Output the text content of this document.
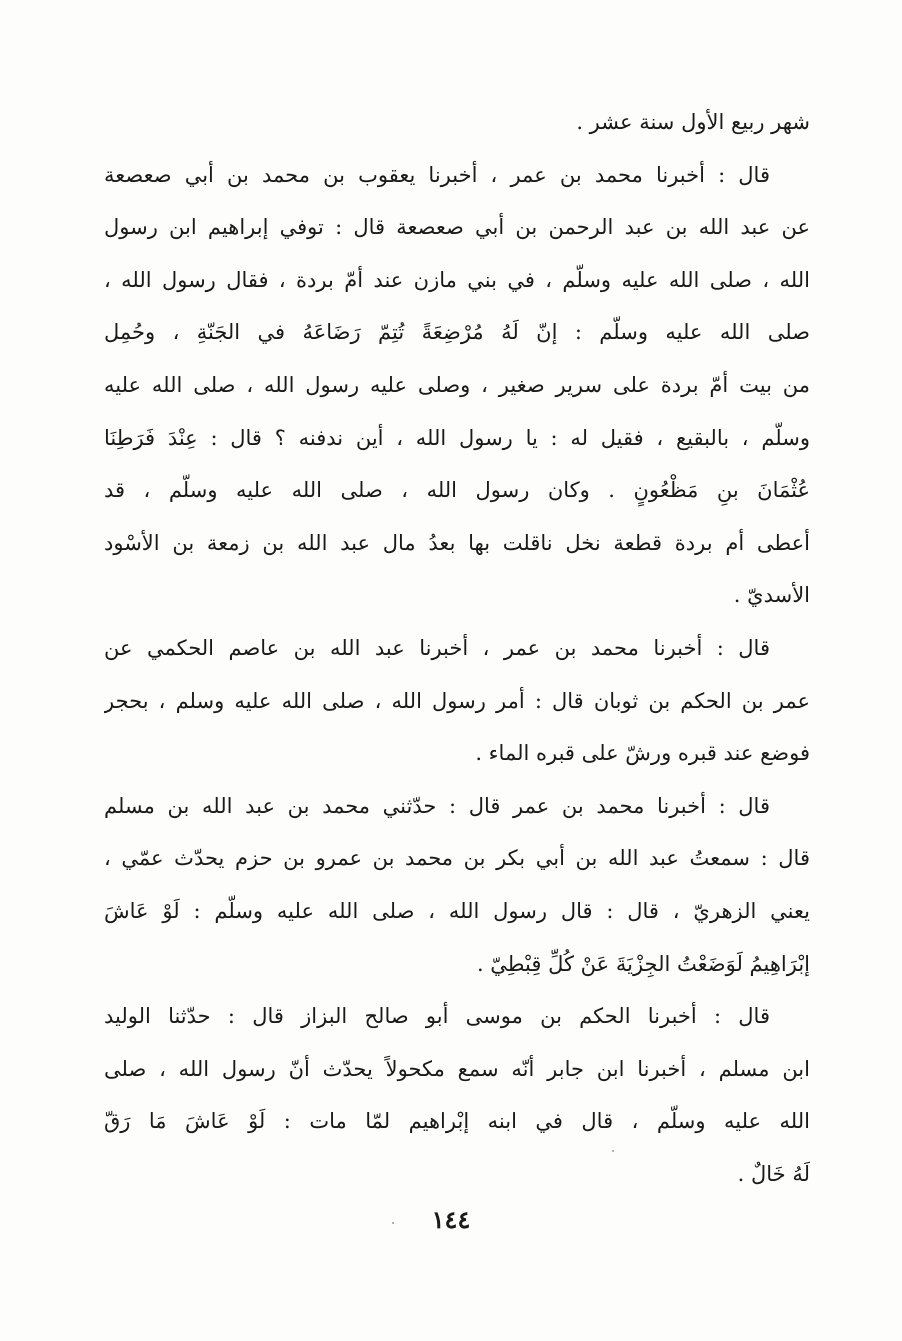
شهر ربيع الأول سنة عشر .
قال : أخبرنا محمد بن عمر ، أخبرنا يعقوب بن محمد بن أبي صعصعة
عن عبد الله بن عبد الرحمن بن أبي صعصعة قال : توفي إبراهيم ابن رسول
الله ، صلى الله عليه وسلّم ، في بني مازن عند أمّ بردة ، فقال رسول الله ،
صلى الله عليه وسلّم : إنّ لَهُ مُرْضِعَةً تُتِمّ رَضَاعَهُ في الجَنّةِ ، وحُمِل
من بيت أمّ بردة على سرير صغير ، وصلى عليه رسول الله ، صلى الله عليه
وسلّم ، بالبقيع ، فقيل له : يا رسول الله ، أين ندفنه ؟ قال : عِنْدَ فَرَطِنَا
عُثْمَانَ بنِ مَظْعُونٍ . وكان رسول الله ، صلى الله عليه وسلّم ، قد
أعطى أم بردة قطعة نخل ناقلت بها بعدُ مال عبد الله بن زمعة بن الأسْود
الأسديّ .
قال : أخبرنا محمد بن عمر ، أخبرنا عبد الله بن عاصم الحكمي عن
عمر بن الحكم بن ثوبان قال : أمر رسول الله ، صلى الله عليه وسلم ، بحجر
فوضع عند قبره ورشّ على قبره الماء .
قال : أخبرنا محمد بن عمر قال : حدّثني محمد بن عبد الله بن مسلم
قال : سمعتُ عبد الله بن أبي بكر بن محمد بن عمرو بن حزم يحدّث عمّي ،
يعني الزهريّ ، قال : قال رسول الله ، صلى الله عليه وسلّم : لَوْ عَاشَ
إبْرَاهِيمُ لَوَضَعْتُ الجِزْيَةَ عَنْ كُلِّ قِبْطِيّ .
قال : أخبرنا الحكم بن موسى أبو صالح البزاز قال : حدّثنا الوليد
ابن مسلم ، أخبرنا ابن جابر أنّه سمع مكحولاً يحدّث أنّ رسول الله ، صلى
الله عليه وسلّم ، قال في ابنه إبْراهيم لمّا مات : لَوْ عَاشَ مَا رَقّ
لَهُ خَالٌ .
١٤٤
